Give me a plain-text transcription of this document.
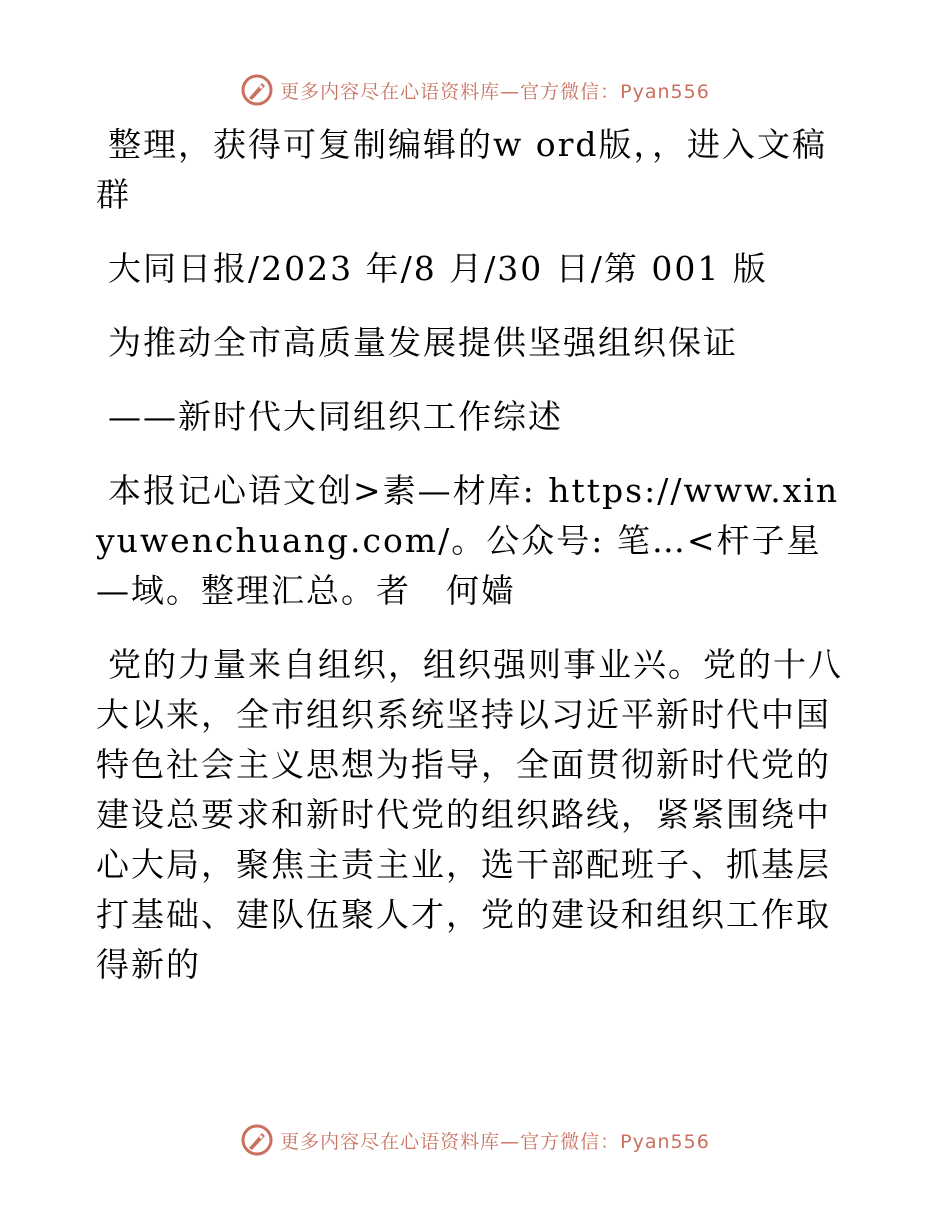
更多内容尽在心语资料库—官方微信：Pyan556

整理，获得可复制编辑的w ord版，，进入文稿群

大同日报/2023 年/8 月/30 日/第 001 版

为推动全市高质量发展提供坚强组织保证

——新时代大同组织工作综述

本报记心语文创>素—材库: https://www.xinyuwenchuang.com/。公众号: 笔…<杆子星—域。整理汇总。者　何嫱

党的力量来自组织，组织强则事业兴。党的十八大以来，全市组织系统坚持以习近平新时代中国特色社会主义思想为指导，全面贯彻新时代党的建设总要求和新时代党的组织路线，紧紧围绕中心大局，聚焦主责主业，选干部配班子、抓基层打基础、建队伍聚人才，党的建设和组织工作取得新的

更多内容尽在心语资料库—官方微信：Pyan556
